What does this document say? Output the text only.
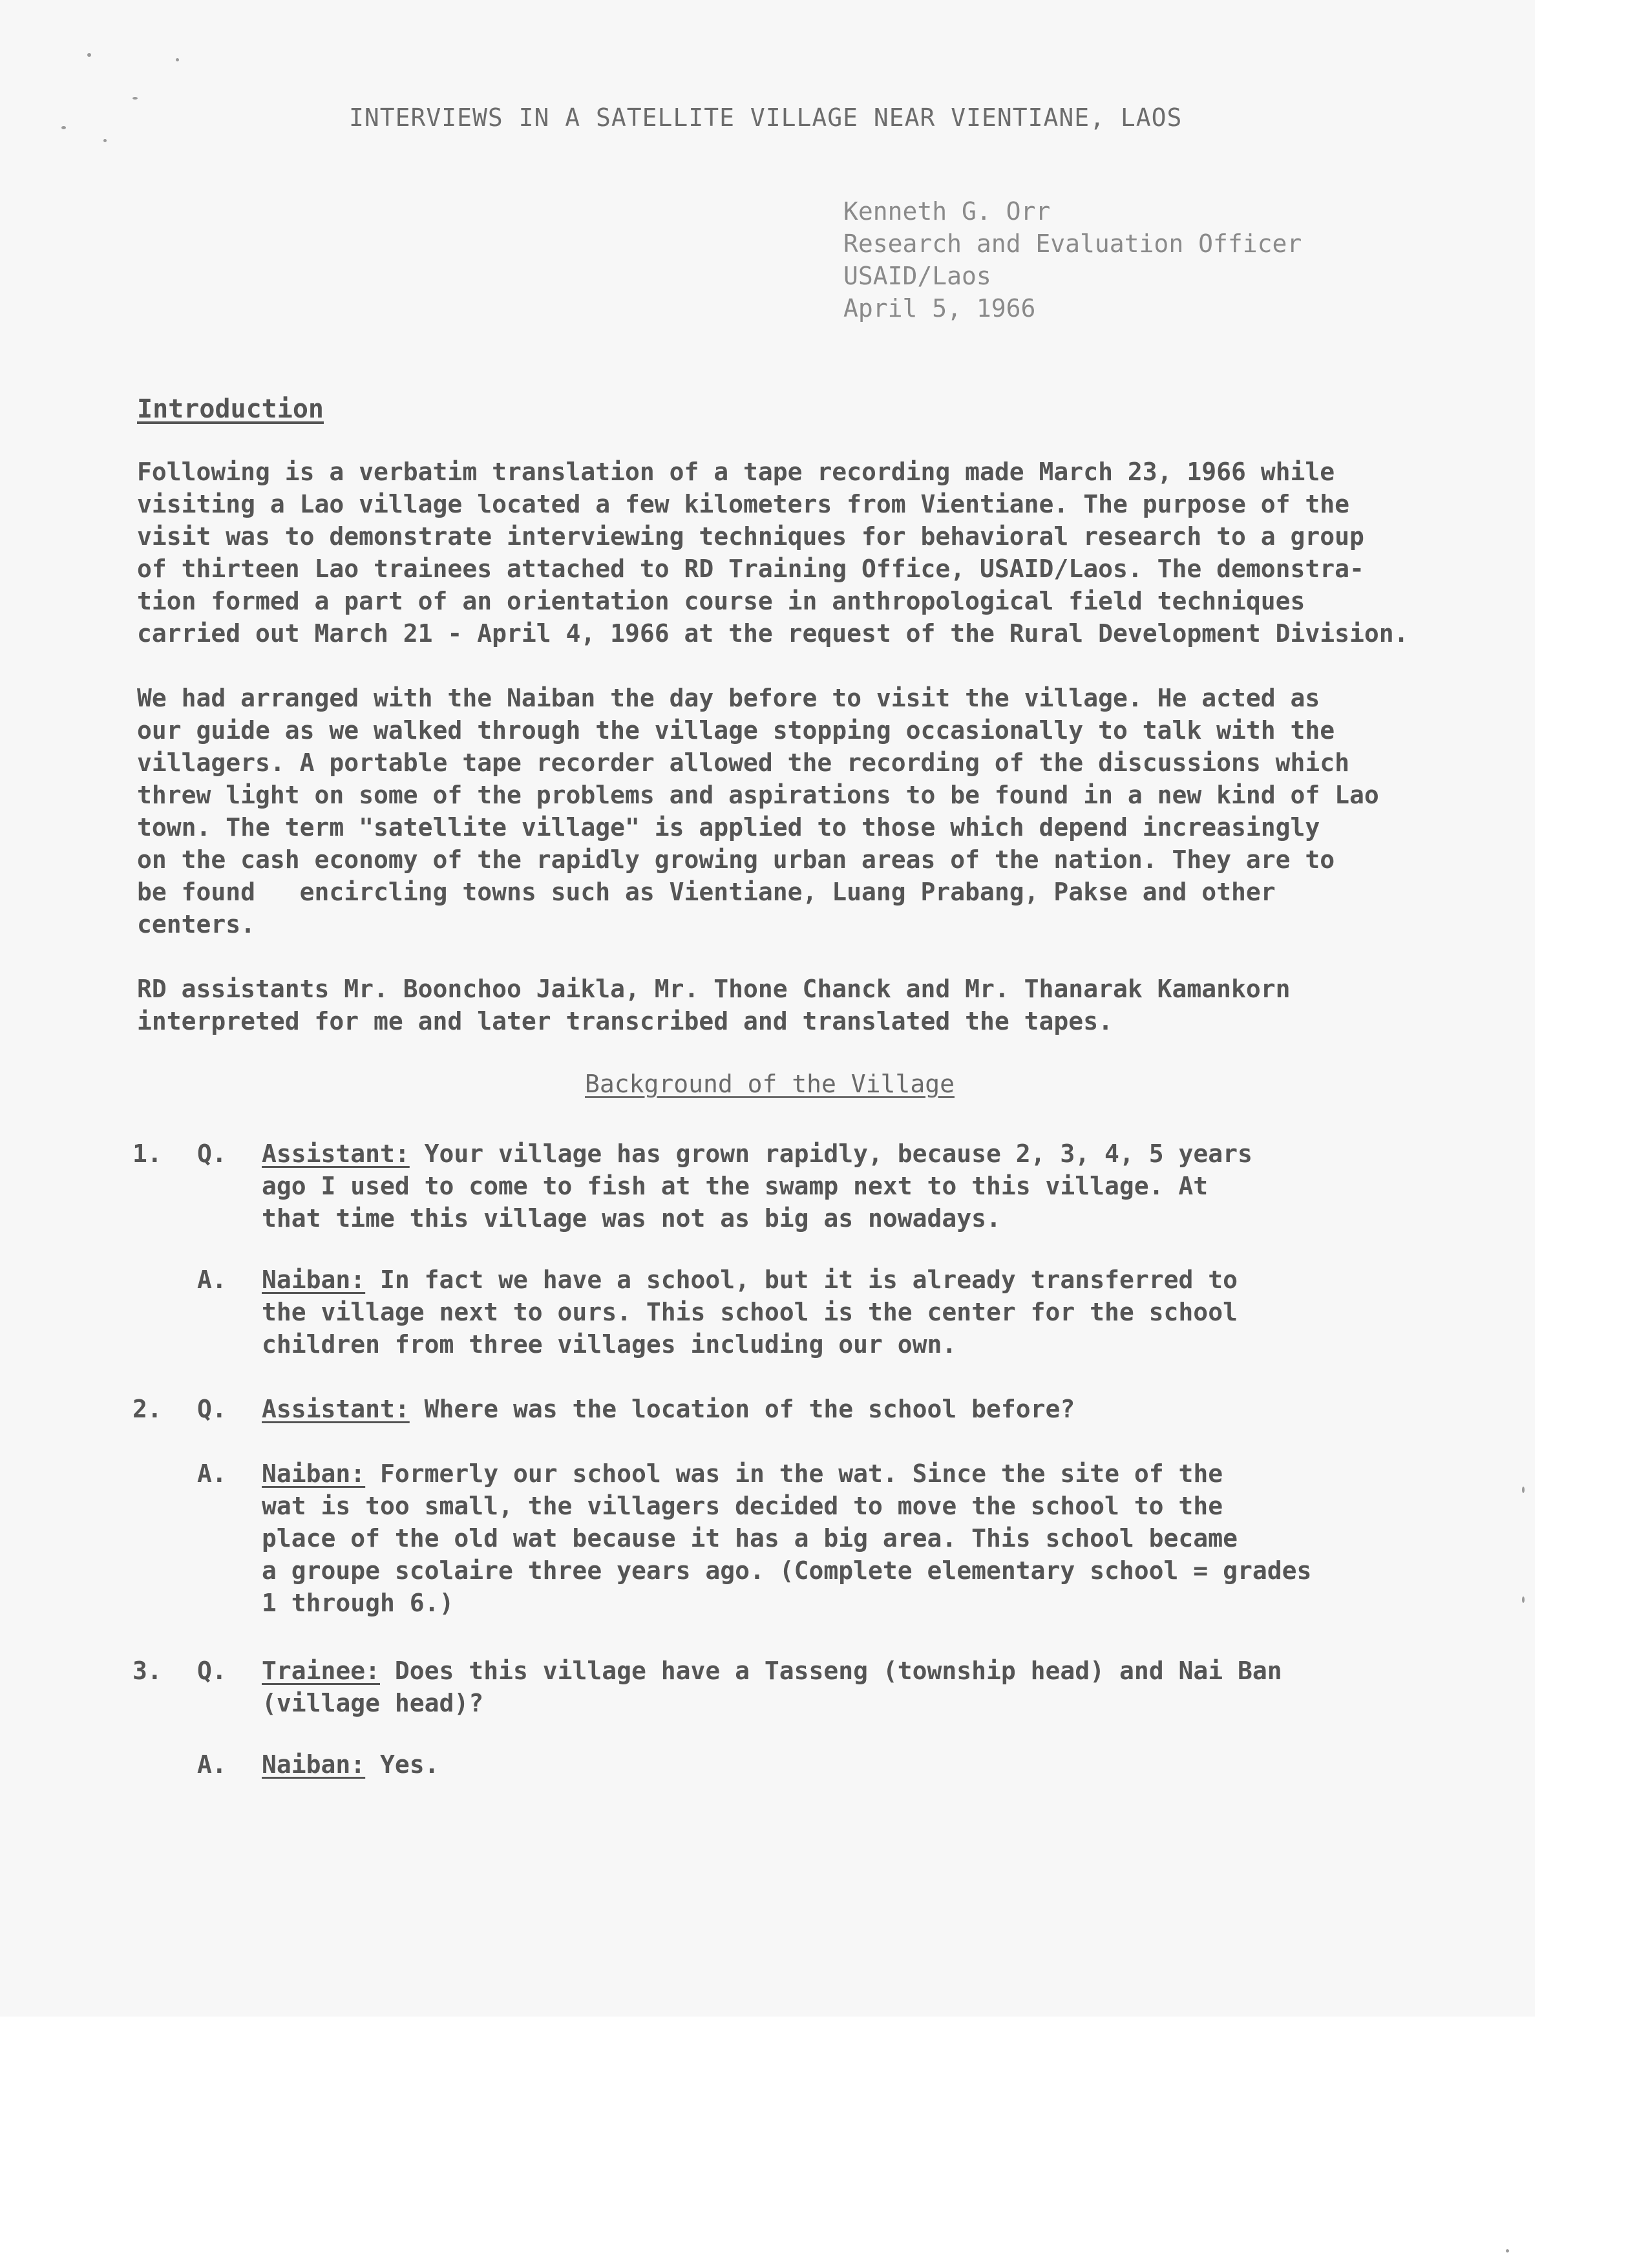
INTERVIEWS IN A SATELLITE VILLAGE NEAR VIENTIANE, LAOS
Kenneth G. Orr
Research and Evaluation Officer
USAID/Laos
April 5, 1966
Introduction
Following is a verbatim translation of a tape recording made March 23, 1966 while
visiting a Lao village located a few kilometers from Vientiane. The purpose of the
visit was to demonstrate interviewing techniques for behavioral research to a group
of thirteen Lao trainees attached to RD Training Office, USAID/Laos. The demonstra-
tion formed a part of an orientation course in anthropological field techniques
carried out March 21 - April 4, 1966 at the request of the Rural Development Division.
We had arranged with the Naiban the day before to visit the village. He acted as
our guide as we walked through the village stopping occasionally to talk with the
villagers. A portable tape recorder allowed the recording of the discussions which
threw light on some of the problems and aspirations to be found in a new kind of Lao
town. The term "satellite village" is applied to those which depend increasingly
on the cash economy of the rapidly growing urban areas of the nation. They are to
be found   encircling towns such as Vientiane, Luang Prabang, Pakse and other
centers.
RD assistants Mr. Boonchoo Jaikla, Mr. Thone Chanck and Mr. Thanarak Kamankorn
interpreted for me and later transcribed and translated the tapes.
Background of the Village
1. Q. Assistant: Your village has grown rapidly, because 2, 3, 4, 5 years
ago I used to come to fish at the swamp next to this village. At
that time this village was not as big as nowadays.
A. Naiban: In fact we have a school, but it is already transferred to
the village next to ours. This school is the center for the school
children from three villages including our own.
2. Q. Assistant: Where was the location of the school before?
A. Naiban: Formerly our school was in the wat. Since the site of the
wat is too small, the villagers decided to move the school to the
place of the old wat because it has a big area. This school became
a groupe scolaire three years ago. (Complete elementary school = grades
1 through 6.)
3. Q. Trainee: Does this village have a Tasseng (township head) and Nai Ban
(village head)?
A. Naiban: Yes.
